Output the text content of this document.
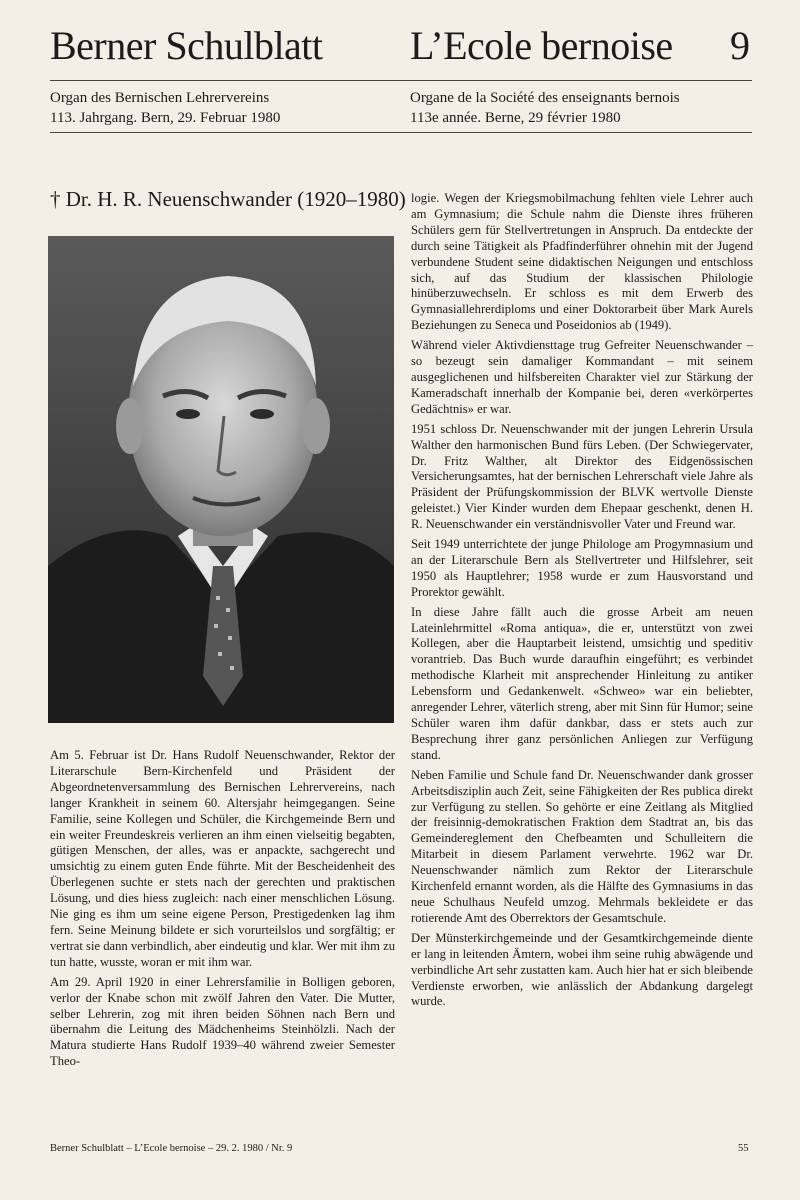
Berner Schulblatt L’Ecole bernoise 9
Organ des Bernischen Lehrervereins
113. Jahrgang. Bern, 29. Februar 1980
Organe de la Société des enseignants bernois
113e année. Berne, 29 février 1980
† Dr. H. R. Neuenschwander (1920–1980)

Am 5. Februar ist Dr. Hans Rudolf Neuenschwander, Rektor der Literarschule Bern-Kirchenfeld und Präsident der Abgeordnetenversammlung des Bernischen Lehrervereins, nach langer Krankheit in seinem 60. Altersjahr heimgegangen. Seine Familie, seine Kollegen und Schüler, die Kirchgemeinde Bern und ein weiter Freundeskreis verlieren an ihm einen vielseitig begabten, gütigen Menschen, der alles, was er anpackte, sachgerecht und umsichtig zu einem guten Ende führte. Mit der Bescheidenheit des Überlegenen suchte er stets nach der gerechten und praktischen Lösung, und dies hiess zugleich: nach einer menschlichen Lösung. Nie ging es ihm um seine eigene Person, Prestigedenken lag ihm fern. Seine Meinung bildete er sich vorurteilslos und sorgfältig; er vertrat sie dann verbindlich, aber eindeutig und klar. Wer mit ihm zu tun hatte, wusste, woran er mit ihm war.

Am 29. April 1920 in einer Lehrersfamilie in Bolligen geboren, verlor der Knabe schon mit zwölf Jahren den Vater. Die Mutter, selber Lehrerin, zog mit ihren beiden Söhnen nach Bern und übernahm die Leitung des Mädchenheims Steinhölzli. Nach der Matura studierte Hans Rudolf 1939–40 während zweier Semester Theo-

logie. Wegen der Kriegsmobilmachung fehlten viele Lehrer auch am Gymnasium; die Schule nahm die Dienste ihres früheren Schülers gern für Stellvertretungen in Anspruch. Da entdeckte der durch seine Tätigkeit als Pfadfinderführer ohnehin mit der Jugend verbundene Student seine didaktischen Neigungen und entschloss sich, auf das Studium der klassischen Philologie hinüberzuwechseln. Er schloss es mit dem Erwerb des Gymnasiallehrerdiploms und einer Doktorarbeit über Mark Aurels Beziehungen zu Seneca und Poseidonios ab (1949).

Während vieler Aktivdiensttage trug Gefreiter Neuenschwander – so bezeugt sein damaliger Kommandant – mit seinem ausgeglichenen und hilfsbereiten Charakter viel zur Stärkung der Kameradschaft innerhalb der Kompanie bei, deren «verkörpertes Gedächtnis» er war.

1951 schloss Dr. Neuenschwander mit der jungen Lehrerin Ursula Walther den harmonischen Bund fürs Leben. (Der Schwiegervater, Dr. Fritz Walther, alt Direktor des Eidgenössischen Versicherungsamtes, hat der bernischen Lehrerschaft viele Jahre als Präsident der Prüfungskommission der BLVK wertvolle Dienste geleistet.) Vier Kinder wurden dem Ehepaar geschenkt, denen H. R. Neuenschwander ein verständnisvoller Vater und Freund war.

Seit 1949 unterrichtete der junge Philologe am Progymnasium und an der Literarschule Bern als Stellvertreter und Hilfslehrer, seit 1950 als Hauptlehrer; 1958 wurde er zum Hausvorstand und Prorektor gewählt.

In diese Jahre fällt auch die grosse Arbeit am neuen Lateinlehrmittel «Roma antiqua», die er, unterstützt von zwei Kollegen, aber die Hauptarbeit leistend, umsichtig und speditiv vorantrieb. Das Buch wurde daraufhin eingeführt; es verbindet methodische Klarheit mit ansprechender Hinleitung zu antiker Lebensform und Gedankenwelt. «Schweo» war ein beliebter, anregender Lehrer, väterlich streng, aber mit Sinn für Humor; seine Schüler waren ihm dafür dankbar, dass er stets auch zur Besprechung ihrer ganz persönlichen Anliegen zur Verfügung stand.

Neben Familie und Schule fand Dr. Neuenschwander dank grosser Arbeitsdisziplin auch Zeit, seine Fähigkeiten der Res publica direkt zur Verfügung zu stellen. So gehörte er eine Zeitlang als Mitglied der freisinnig-demokratischen Fraktion dem Stadtrat an, bis das Gemeindereglement den Chefbeamten und Schulleitern die Mitarbeit in diesem Parlament verwehrte. 1962 war Dr. Neuenschwander nämlich zum Rektor der Literarschule Kirchenfeld ernannt worden, als die Hälfte des Gymnasiums in das neue Schulhaus Neufeld umzog. Mehrmals bekleidete er das rotierende Amt des Oberrektors der Gesamtschule.

Der Münsterkirchgemeinde und der Gesamtkirchgemeinde diente er lang in leitenden Ämtern, wobei ihm seine ruhig abwägende und verbindliche Art sehr zustatten kam. Auch hier hat er sich bleibende Verdienste erworben, wie anlässlich der Abdankung dargelegt wurde.

Berner Schulblatt – L’Ecole bernoise – 29. 2. 1980 / Nr. 9	55
